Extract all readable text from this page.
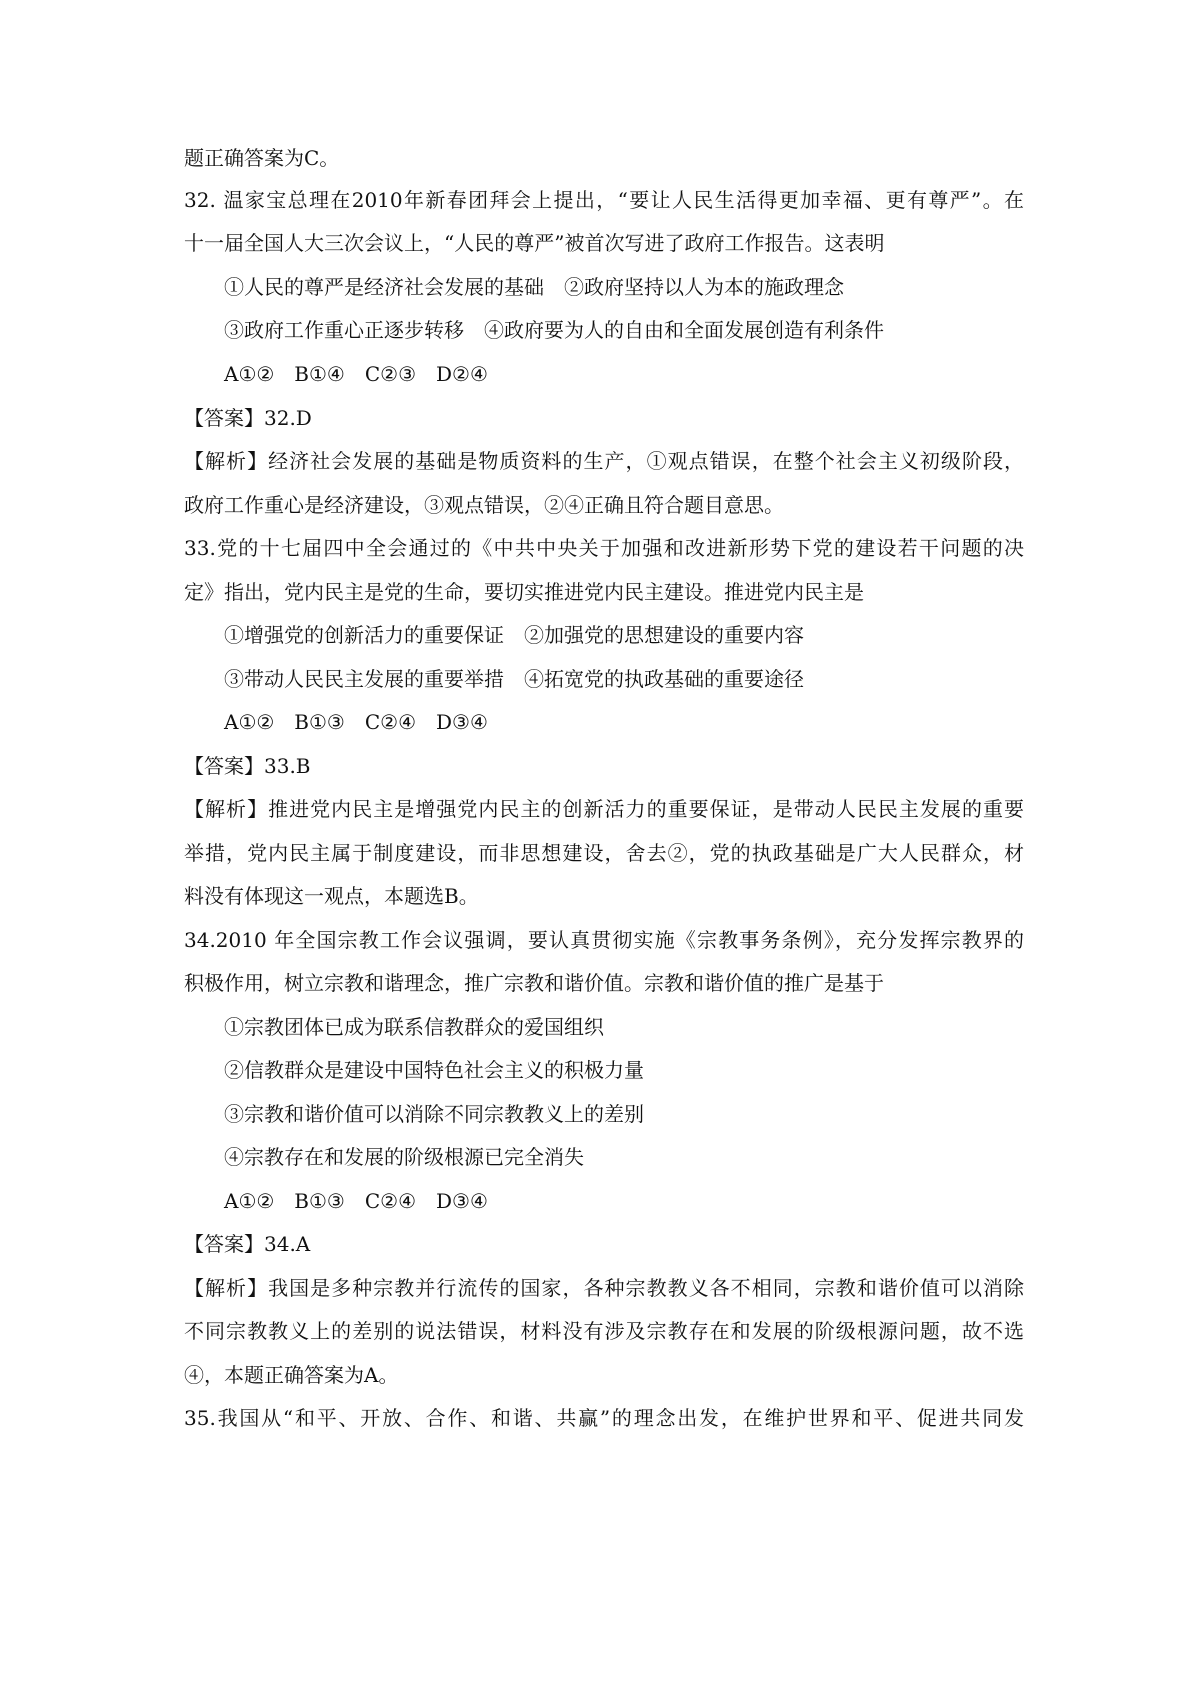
题正确答案为C。
32. 温家宝总理在2010年新春团拜会上提出，“要让人民生活得更加幸福、更有尊严”。在
十一届全国人大三次会议上，“人民的尊严”被首次写进了政府工作报告。这表明
①人民的尊严是经济社会发展的基础　②政府坚持以人为本的施政理念
③政府工作重心正逐步转移　④政府要为人的自由和全面发展创造有利条件
A①②　B①④　C②③　D②④
【答案】32.D
【解析】经济社会发展的基础是物质资料的生产，①观点错误，在整个社会主义初级阶段，
政府工作重心是经济建设，③观点错误，②④正确且符合题目意思。
33.党的十七届四中全会通过的《中共中央关于加强和改进新形势下党的建设若干问题的决
定》指出，党内民主是党的生命，要切实推进党内民主建设。推进党内民主是
①增强党的创新活力的重要保证　②加强党的思想建设的重要内容
③带动人民民主发展的重要举措　④拓宽党的执政基础的重要途径
A①②　B①③　C②④　D③④
【答案】33.B
【解析】推进党内民主是增强党内民主的创新活力的重要保证，是带动人民民主发展的重要
举措，党内民主属于制度建设，而非思想建设，舍去②，党的执政基础是广大人民群众，材
料没有体现这一观点，本题选B。
34.2010 年全国宗教工作会议强调，要认真贯彻实施《宗教事务条例》，充分发挥宗教界的
积极作用，树立宗教和谐理念，推广宗教和谐价值。宗教和谐价值的推广是基于
①宗教团体已成为联系信教群众的爱国组织
②信教群众是建设中国特色社会主义的积极力量
③宗教和谐价值可以消除不同宗教教义上的差别
④宗教存在和发展的阶级根源已完全消失
A①②　B①③　C②④　D③④
【答案】34.A
【解析】我国是多种宗教并行流传的国家，各种宗教教义各不相同，宗教和谐价值可以消除
不同宗教教义上的差别的说法错误，材料没有涉及宗教存在和发展的阶级根源问题，故不选
④，本题正确答案为A。
35.我国从“和平、开放、合作、和谐、共赢”的理念出发，在维护世界和平、促进共同发
